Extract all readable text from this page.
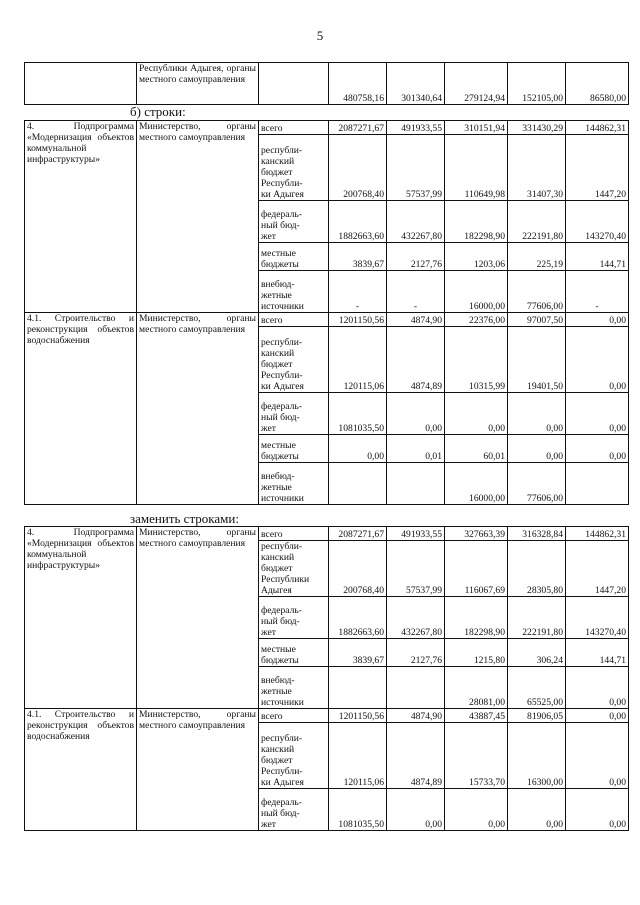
5
	Республики Адыгея, органы местного самоуправления		480758,16	301340,64	279124,94	152105,00	86580,00
б) строки:
4. Подпрограмма «Модернизация объектов коммунальной инфраструктуры»	Министерство, органы местного самоуправления	всего	2087271,67	491933,55	310151,94	331430,29	144862,31
		республи-
канский
бюджет
Республи-
ки Адыгея	200768,40	57537,99	110649,98	31407,30	1447,20
		федераль-
ный бюд-
жет	1882663,60	432267,80	182298,90	222191,80	143270,40
		местные
бюджеты	3839,67	2127,76	1203,06	225,19	144,71
		внебюд-
жетные
источники	-	-	16000,00	77606,00	-
4.1. Строительство и реконструкция объектов водоснабжения	Министерство, органы местного самоуправления	всего	1201150,56	4874,90	22376,00	97007,50	0,00
		республи-
канский
бюджет
Республи-
ки Адыгея	120115,06	4874,89	10315,99	19401,50	0,00
		федераль-
ный бюд-
жет	1081035,50	0,00	0,00	0,00	0,00
		местные
бюджеты	0,00	0,01	60,01	0,00	0,00
		внебюд-
жетные
источники			16000,00	77606,00	
заменить строками:
4. Подпрограмма «Модернизация объектов коммунальной инфраструктуры»	Министерство, органы местного самоуправления	всего	2087271,67	491933,55	327663,39	316328,84	144862,31
		республи-
канский
бюджет
Республики Адыгея	200768,40	57537,99	116067,69	28305,80	1447,20
		федераль-
ный бюд-
жет	1882663,60	432267,80	182298,90	222191,80	143270,40
		местные
бюджеты	3839,67	2127,76	1215,80	306,24	144,71
		внебюд-
жетные
источники			28081,00	65525,00	0,00
4.1. Строительство и реконструкция объектов водоснабжения	Министерство, органы местного самоуправления	всего	1201150,56	4874,90	43887,45	81906,05	0,00
		республи-
канский
бюджет
Республи-
ки Адыгея	120115,06	4874,89	15733,70	16300,00	0,00
		федераль-
ный бюд-
жет	1081035,50	0,00	0,00	0,00	0,00
